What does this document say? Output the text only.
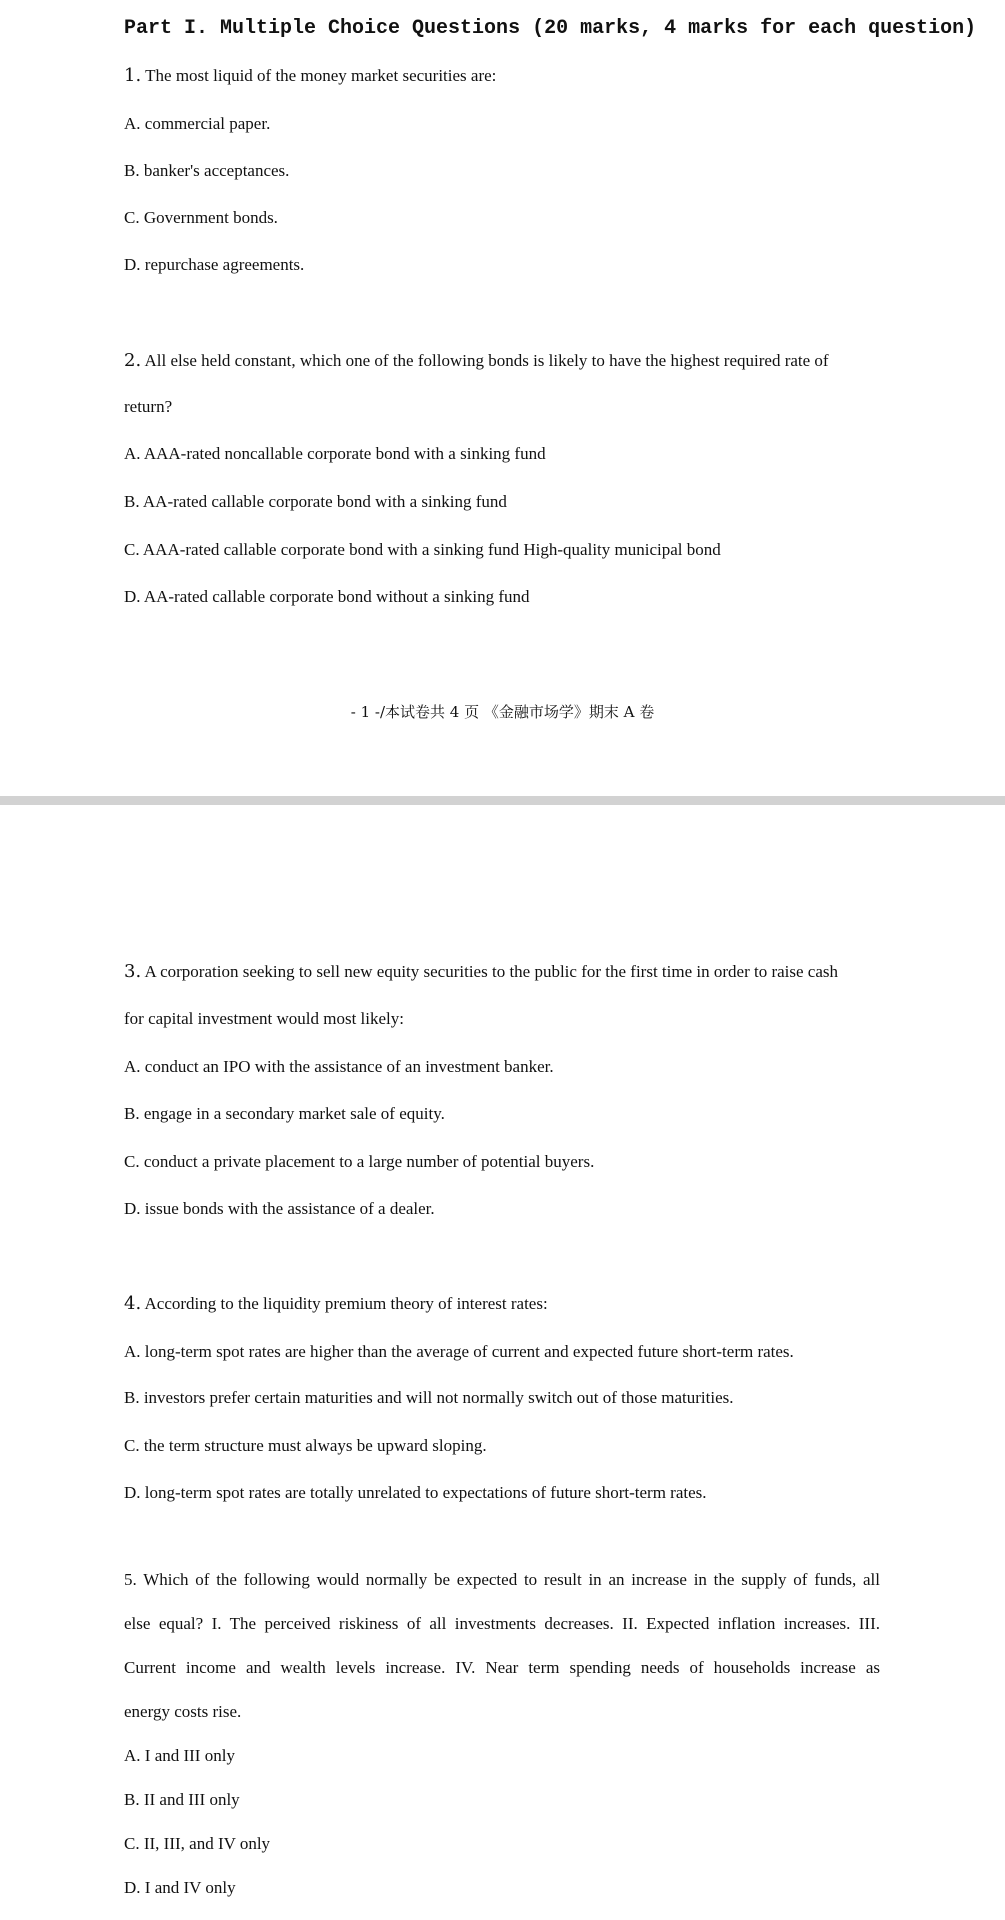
Part I. Multiple Choice Questions (20 marks, 4 marks for each question)
1. The most liquid of the money market securities are:
A. commercial paper.
B. banker's acceptances.
C. Government bonds.
D. repurchase agreements.
2. All else held constant, which one of the following bonds is likely to have the highest required rate of
return?
A. AAA-rated noncallable corporate bond with a sinking fund
B. AA-rated callable corporate bond with a sinking fund
C. AAA-rated callable corporate bond with a sinking fund High-quality municipal bond
D. AA-rated callable corporate bond without a sinking fund
- 1 -/本试卷共 4 页 《金融市场学》期末 A 卷
3. A corporation seeking to sell new equity securities to the public for the first time in order to raise cash
for capital investment would most likely:
A. conduct an IPO with the assistance of an investment banker.
B. engage in a secondary market sale of equity.
C. conduct a private placement to a large number of potential buyers.
D. issue bonds with the assistance of a dealer.
4. According to the liquidity premium theory of interest rates:
A. long-term spot rates are higher than the average of current and expected future short-term rates.
B. investors prefer certain maturities and will not normally switch out of those maturities.
C. the term structure must always be upward sloping.
D. long-term spot rates are totally unrelated to expectations of future short-term rates.
5. Which of the following would normally be expected to result in an increase in the supply of funds, all
else equal? I. The perceived riskiness of all investments decreases. II. Expected inflation increases. III.
Current income and wealth levels increase. IV. Near term spending needs of households increase as
energy costs rise.
A. I and III only
B. II and III only
C. II, III, and IV only
D. I and IV only
